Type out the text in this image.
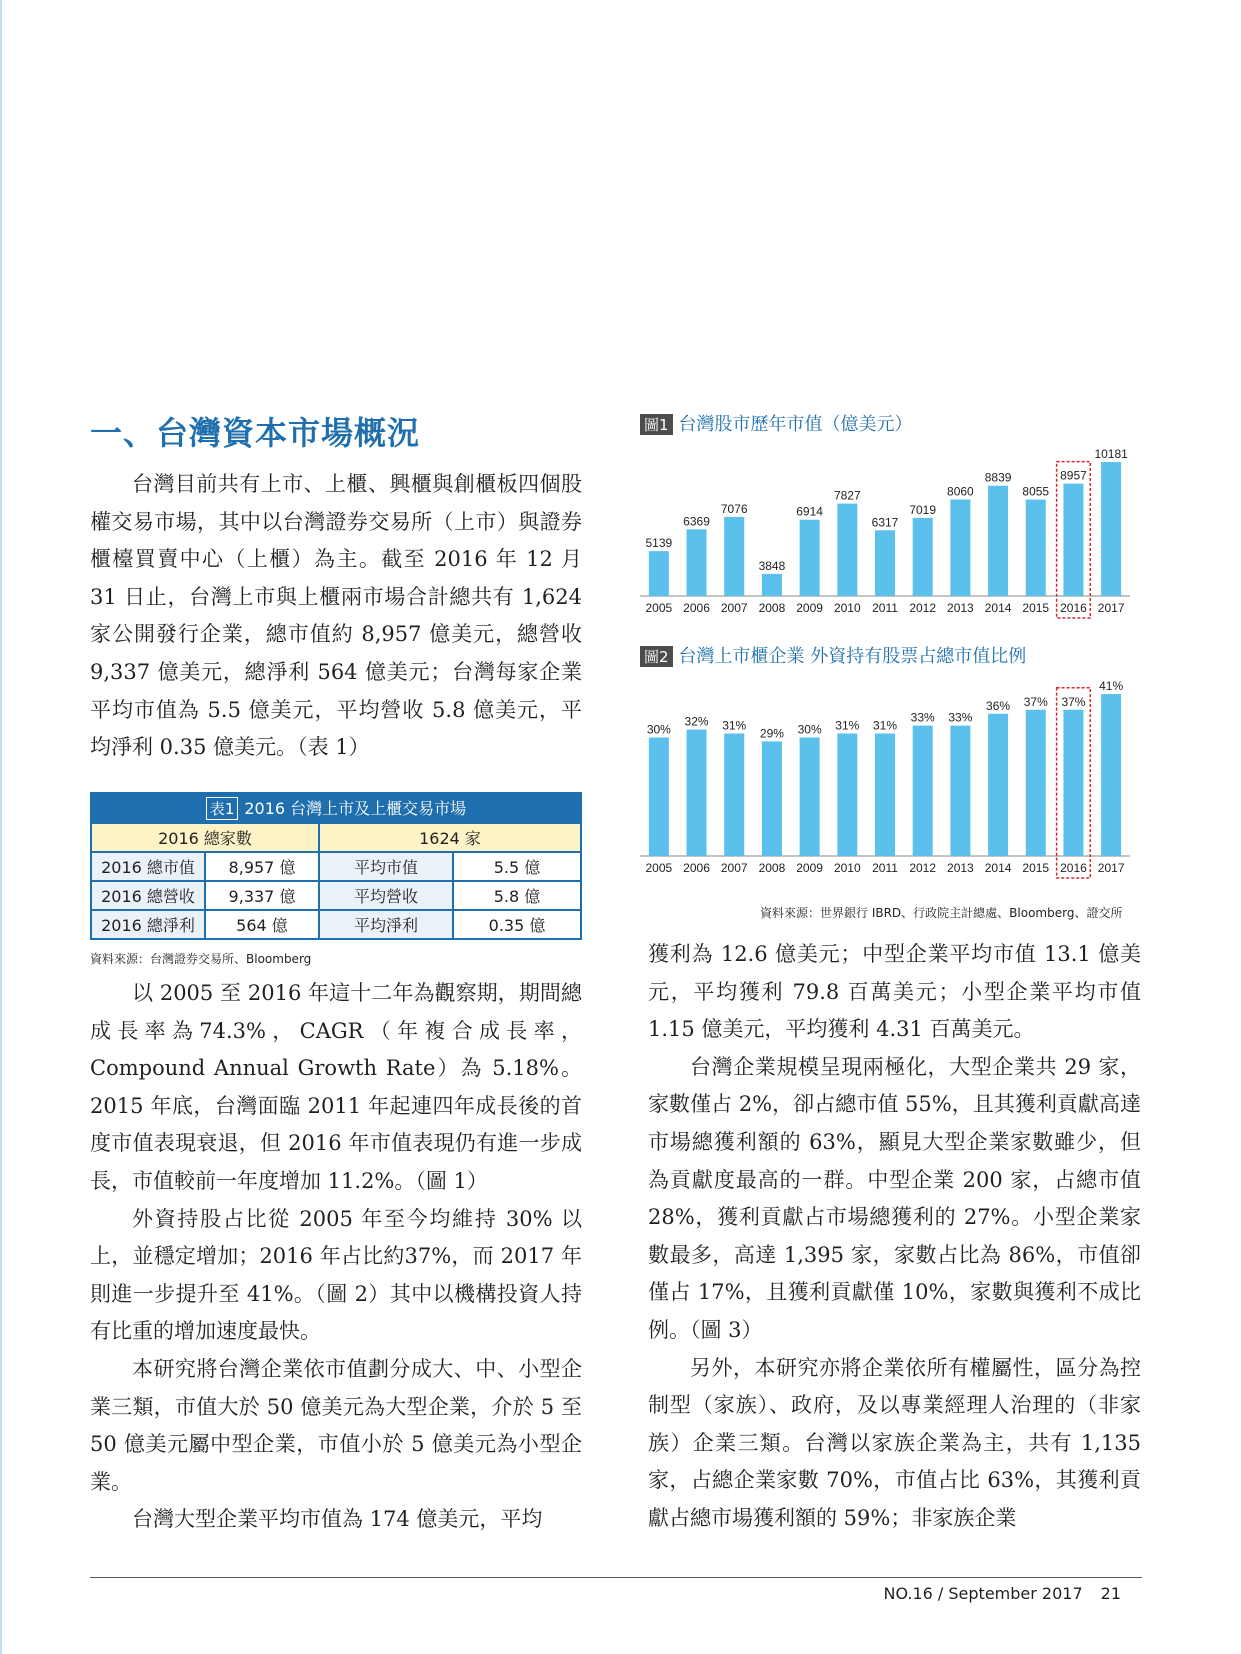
一、台灣資本市場概況

台灣目前共有上市、上櫃、興櫃與創櫃板四個股權交易市場，其中以台灣證券交易所（上市）與證券櫃檯買賣中心（上櫃）為主。截至 2016 年 12 月 31 日止，台灣上市與上櫃兩市場合計總共有 1,624 家公開發行企業，總市值約 8,957 億美元，總營收 9,337 億美元，總淨利 564 億美元；台灣每家企業平均市值為 5.5 億美元，平均營收 5.8 億美元，平均淨利 0.35 億美元。（表 1）

表1 2016 台灣上市及上櫃交易市場			
2016 總家數		1624 家	
2016 總市值	8,957 億	平均市值	5.5 億
2016 總營收	9,337 億	平均營收	5.8 億
2016 總淨利	564 億	平均淨利	0.35 億
資料來源：台灣證券交易所、Bloomberg

以 2005 至 2016 年這十二年為觀察期，期間總成長率為74.3%，CAGR（年複合成長率，Compound Annual Growth Rate）為 5.18%。2015 年底，台灣面臨 2011 年起連四年成長後的首度市值表現衰退，但 2016 年市值表現仍有進一步成長，市值較前一年度增加 11.2%。（圖 1）

外資持股占比從 2005 年至今均維持 30% 以上，並穩定增加；2016 年占比約37%，而 2017 年則進一步提升至 41%。（圖 2）其中以機構投資人持有比重的增加速度最快。

本研究將台灣企業依市值劃分成大、中、小型企業三類，市值大於 50 億美元為大型企業，介於 5 至 50 億美元屬中型企業，市值小於 5 億美元為小型企業。

台灣大型企業平均市值為 174 億美元，平均

圖1 台灣股市歷年市值（億美元）
5139
2005
6369
2006
7076
2007
3848
2008
6914
2009
7827
2010
6317
2011
7019
2012
8060
2013
8839
2014
8055
2015
8957
2016
10181
2017
圖2 台灣上市櫃企業 外資持有股票占總市值比例
30%
2005
32%
2006
31%
2007
29%
2008
30%
2009
31%
2010
31%
2011
33%
2012
33%
2013
36%
2014
37%
2015
37%
2016
41%
2017
資料來源：世界銀行 IBRD、行政院主計總處、Bloomberg、證交所

獲利為 12.6 億美元；中型企業平均市值 13.1 億美元，平均獲利 79.8 百萬美元；小型企業平均市值 1.15 億美元，平均獲利 4.31 百萬美元。

台灣企業規模呈現兩極化，大型企業共 29 家，家數僅占 2%，卻占總市值 55%，且其獲利貢獻高達市場總獲利額的 63%，顯見大型企業家數雖少，但為貢獻度最高的一群。中型企業 200 家，占總市值 28%，獲利貢獻占市場總獲利的 27%。小型企業家數最多，高達 1,395 家，家數占比為 86%，市值卻僅占 17%，且獲利貢獻僅 10%，家數與獲利不成比例。（圖 3）

另外，本研究亦將企業依所有權屬性，區分為控制型（家族）、政府，及以專業經理人治理的（非家族）企業三類。台灣以家族企業為主，共有 1,135 家，占總企業家數 70%，市值占比 63%，其獲利貢獻占總市場獲利額的 59%；非家族企業

NO.16 / September 2017 21
